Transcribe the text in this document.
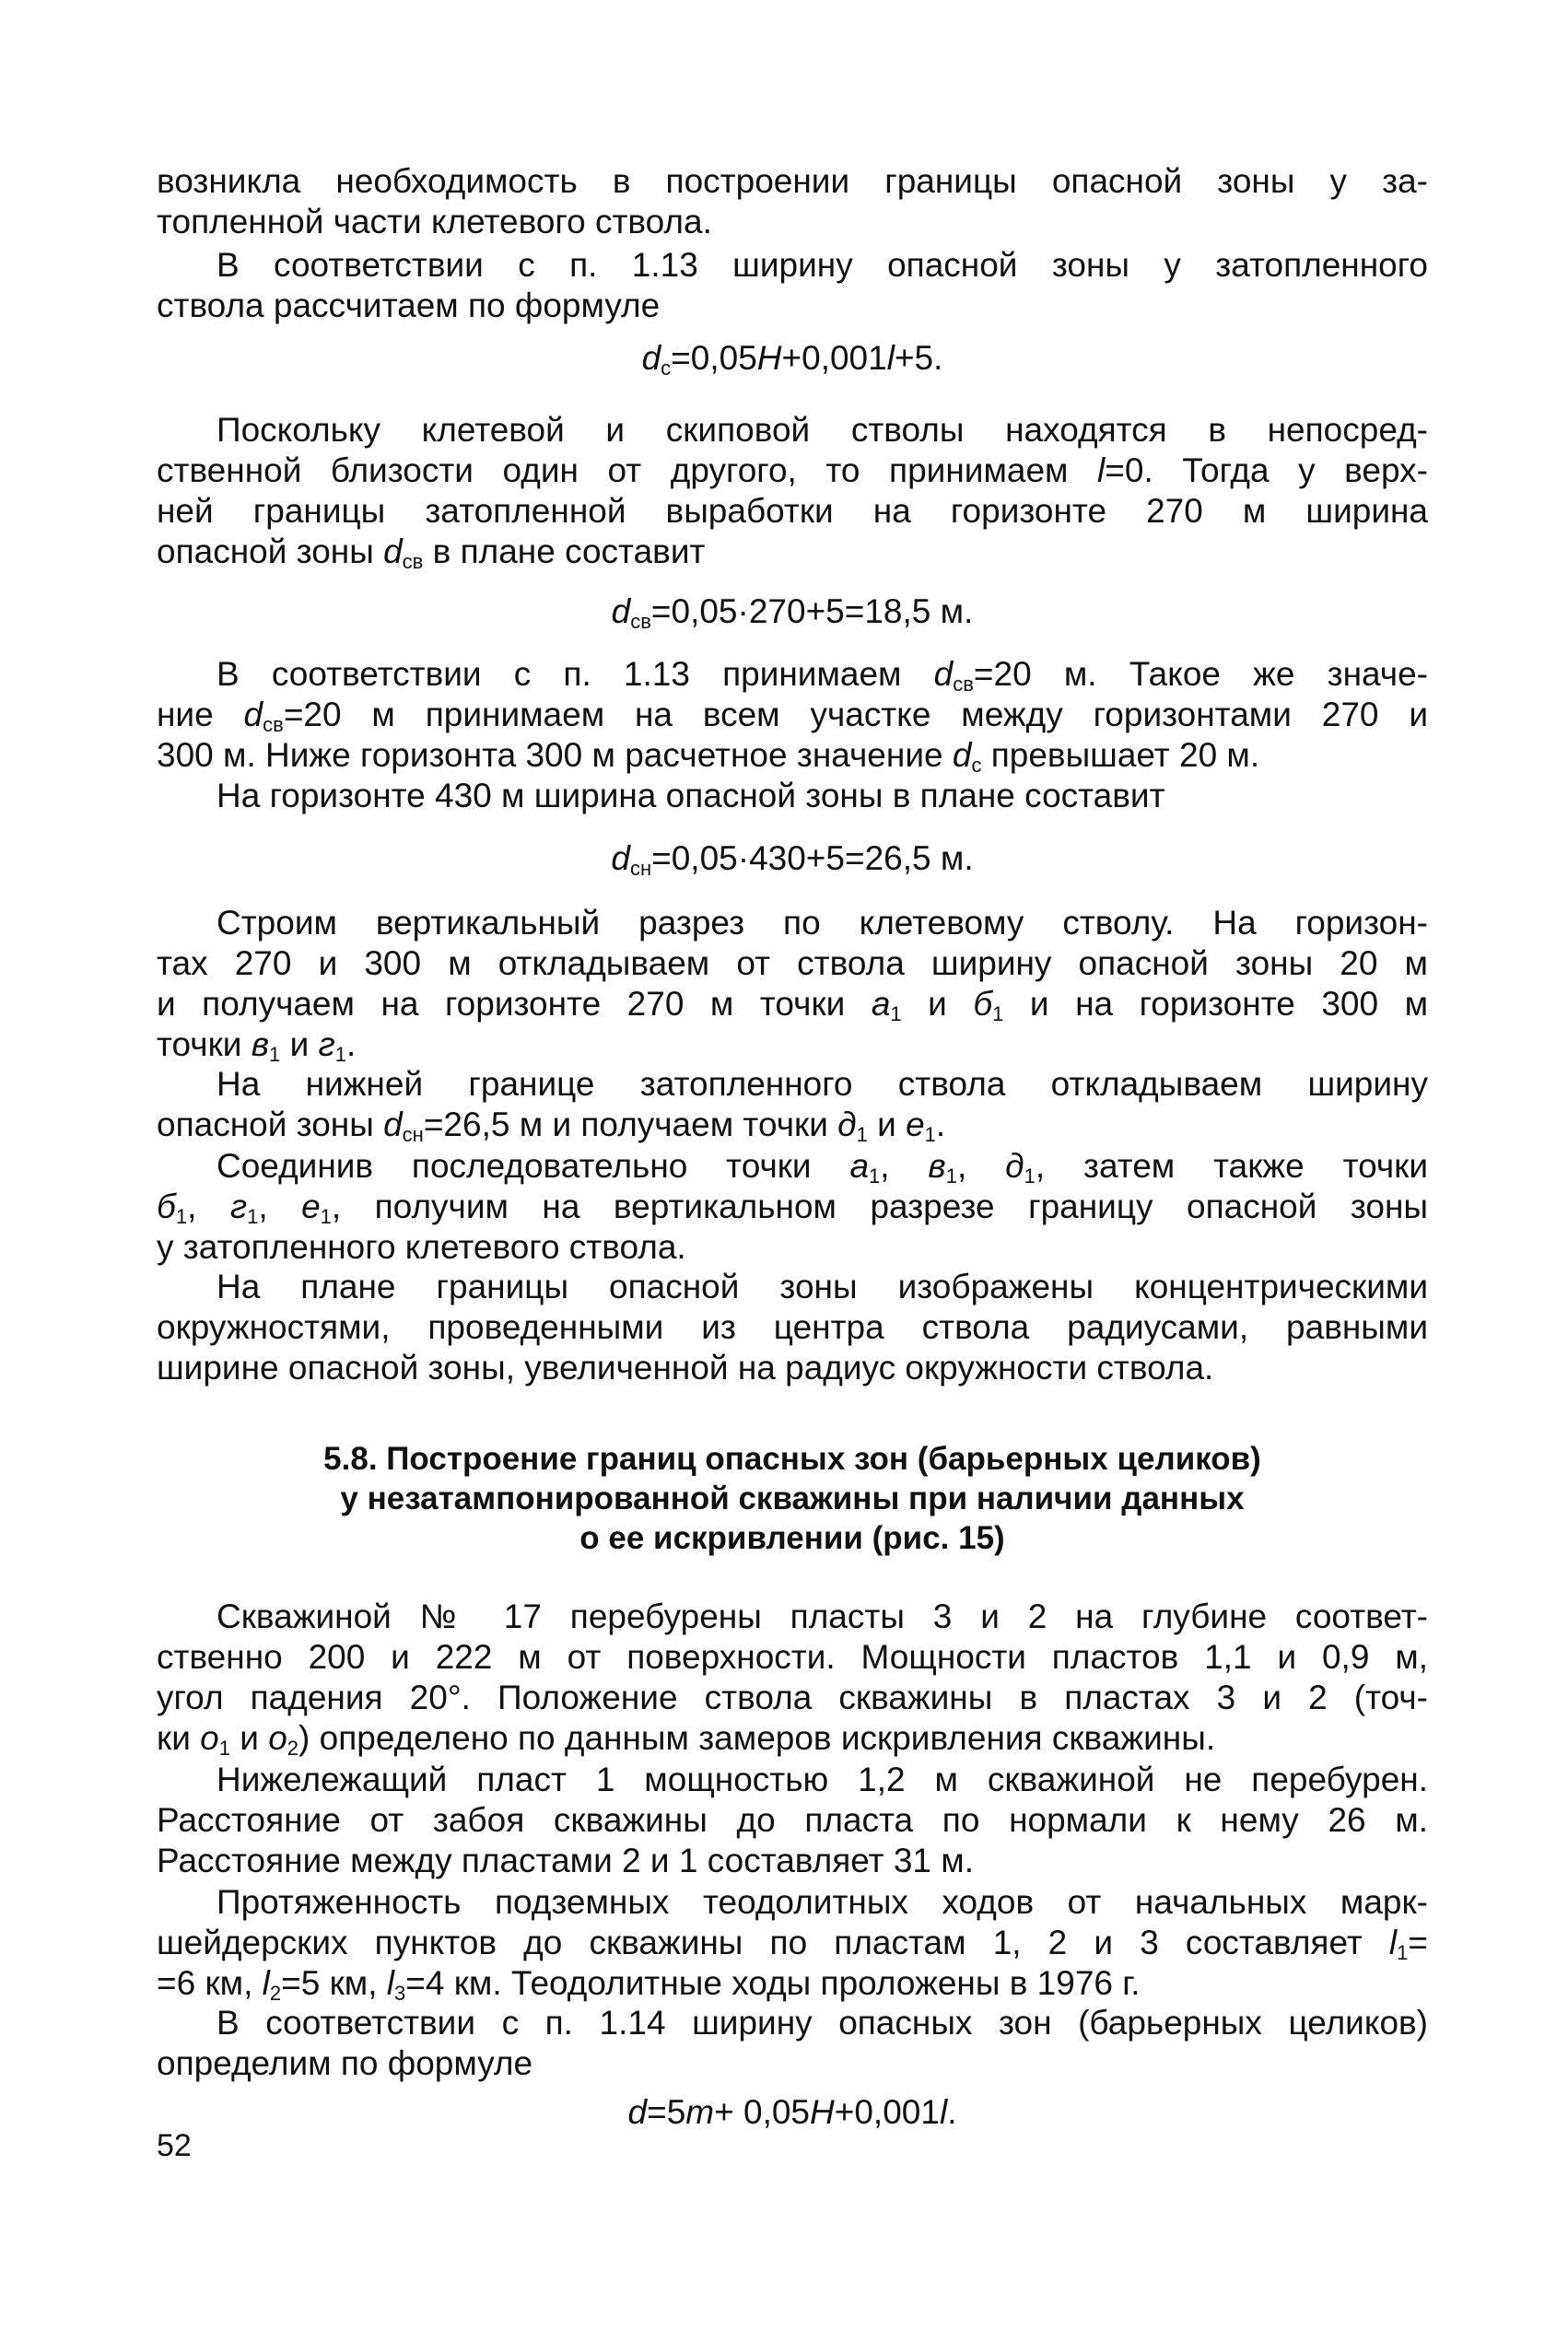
возникла необходимость в построении границы опасной зоны у за-
топленной части клетевого ствола.
В соответствии с п. 1.13 ширину опасной зоны у затопленного
ствола рассчитаем по формуле
$d_с=0,05H+0,001l+5$.
Поскольку клетевой и скиповой стволы находятся в непосред-
ственной близости один от другого, то принимаем l=0. Тогда у верх-
ней границы затопленной выработки на горизонте 270 м ширина
опасной зоны $d_{св}$ в плане составит
$d_{св}=0,05\cdot 270+5=18,5$ м.
В соответствии с п. 1.13 принимаем $d_{св}=20$ м. Такое же значе-
ние $d_{св}=20$ м принимаем на всем участке между горизонтами 270 и
300 м. Ниже горизонта 300 м расчетное значение $d_с$ превышает 20 м.
На горизонте 430 м ширина опасной зоны в плане составит
$d_{сн}=0,05\cdot 430+5=26,5$ м.
Строим вертикальный разрез по клетевому стволу. На горизон-
тах 270 и 300 м откладываем от ствола ширину опасной зоны 20 м
и получаем на горизонте 270 м точки $а_1$ и $б_1$ и на горизонте 300 м
точки $в_1$ и $г_1$.
На нижней границе затопленного ствола откладываем ширину
опасной зоны $d_{сн}=26,5$ м и получаем точки $д_1$ и $е_1$.
Соединив последовательно точки $а_1$, $в_1$, $д_1$, затем также точки
$б_1$, $г_1$, $е_1$, получим на вертикальном разрезе границу опасной зоны
у затопленного клетевого ствола.
На плане границы опасной зоны изображены концентрическими
окружностями, проведенными из центра ствола радиусами, равными
ширине опасной зоны, увеличенной на радиус окружности ствола.
5.8. Построение границ опасных зон (барьерных целиков)
у незатампонированной скважины при наличии данных
о ее искривлении (рис. 15)
Скважиной № 17 перебурены пласты 3 и 2 на глубине соответ-
ственно 200 и 222 м от поверхности. Мощности пластов 1,1 и 0,9 м,
угол падения 20°. Положение ствола скважины в пластах 3 и 2 (точ-
ки $о_1$ и $о_2$) определено по данным замеров искривления скважины.
Нижележащий пласт 1 мощностью 1,2 м скважиной не перебурен.
Расстояние от забоя скважины до пласта по нормали к нему 26 м.
Расстояние между пластами 2 и 1 составляет 31 м.
Протяженность подземных теодолитных ходов от начальных марк-
шейдерских пунктов до скважины по пластам 1, 2 и 3 составляет $l_1=$
=6 км, $l_2=5$ км, $l_3=4$ км. Теодолитные ходы проложены в 1976 г.
В соответствии с п. 1.14 ширину опасных зон (барьерных целиков)
определим по формуле
d=5m+ 0,05H+0,001l.
52
